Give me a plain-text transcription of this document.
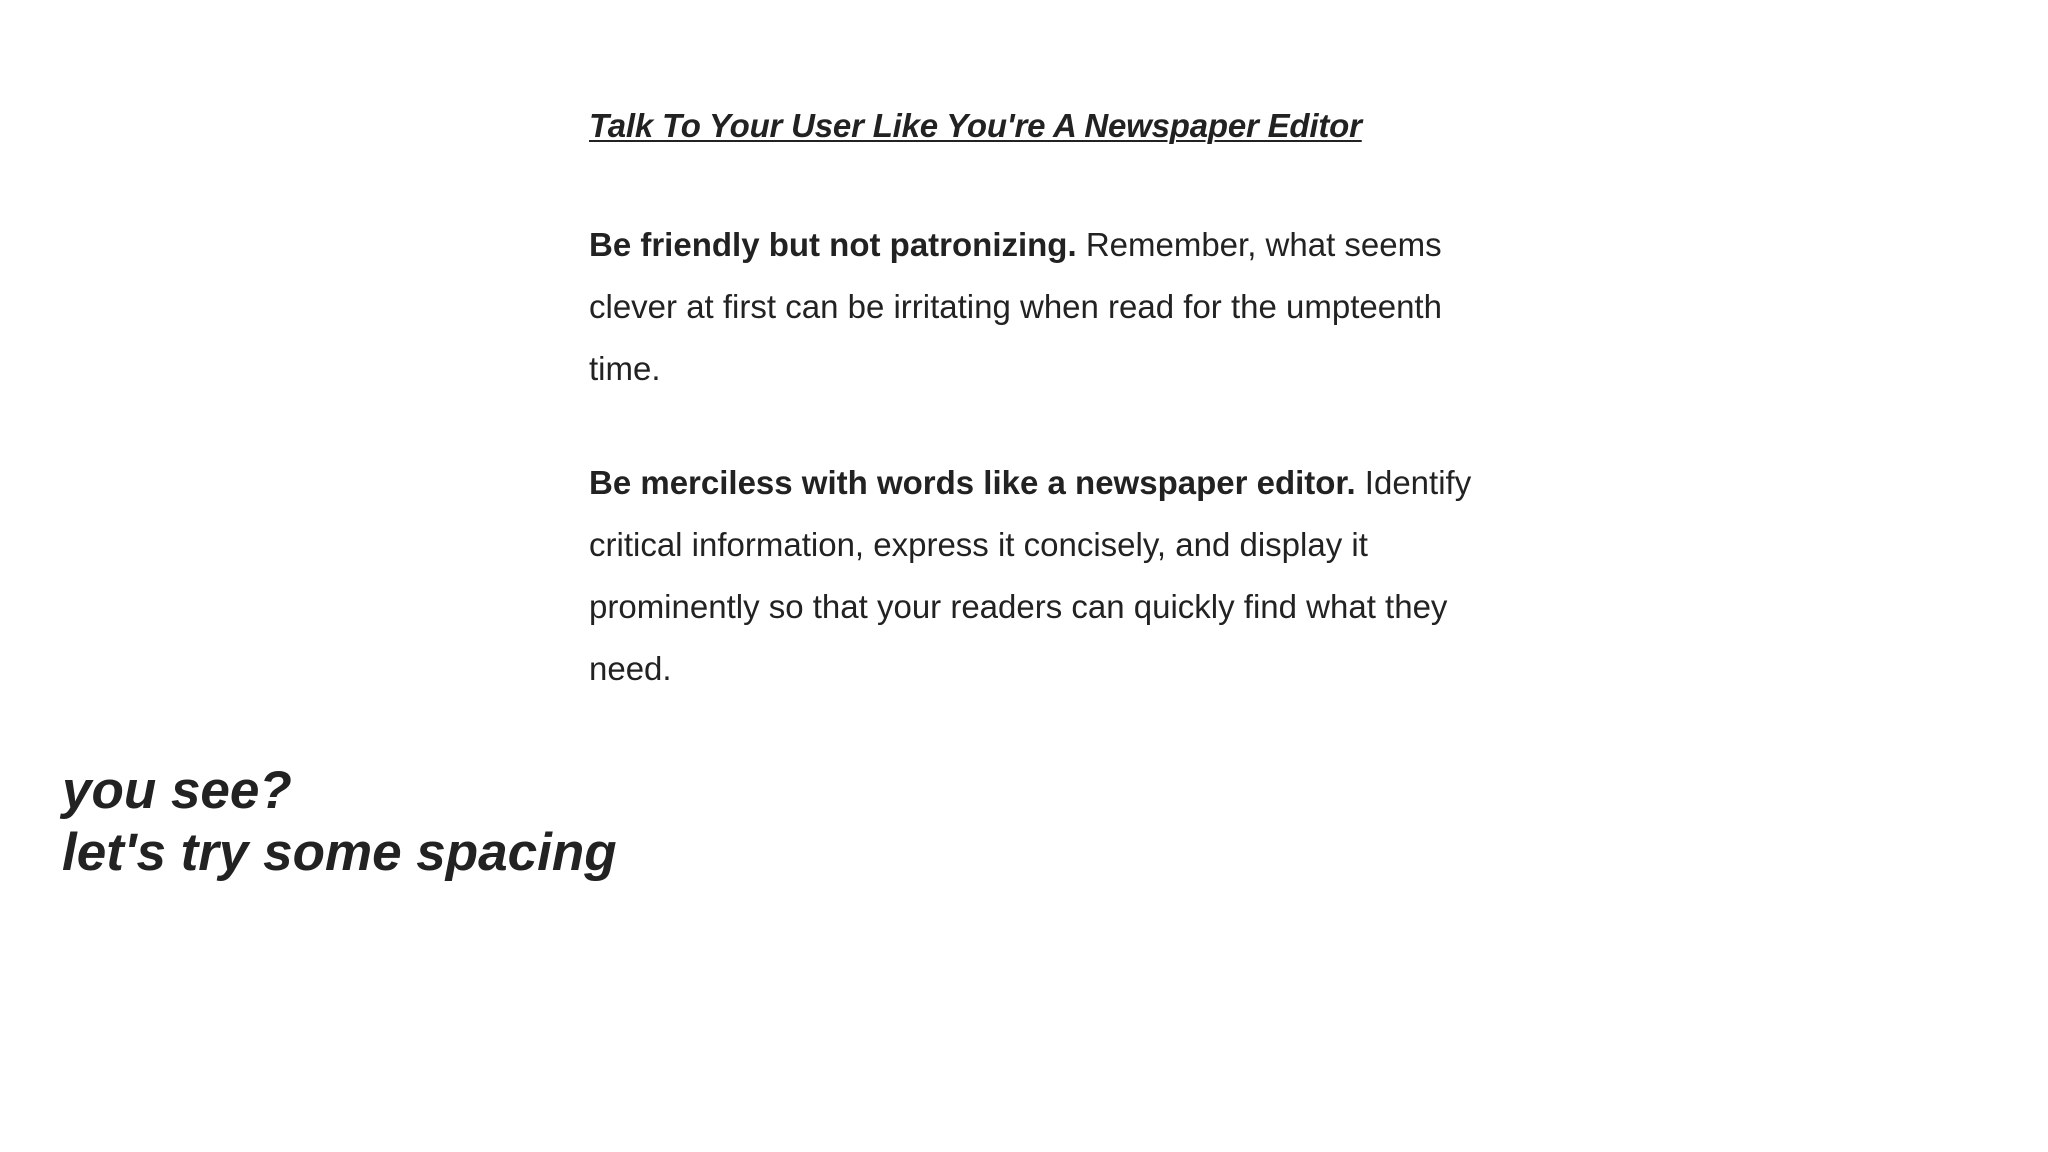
Talk To Your User Like You're A Newspaper Editor

Be friendly but not patronizing. Remember, what seems clever at first can be irritating when read for the umpteenth time.

Be merciless with words like a newspaper editor. Identify critical information, express it concisely, and display it prominently so that your readers can quickly find what they need.

you see?
let's try some spacing
